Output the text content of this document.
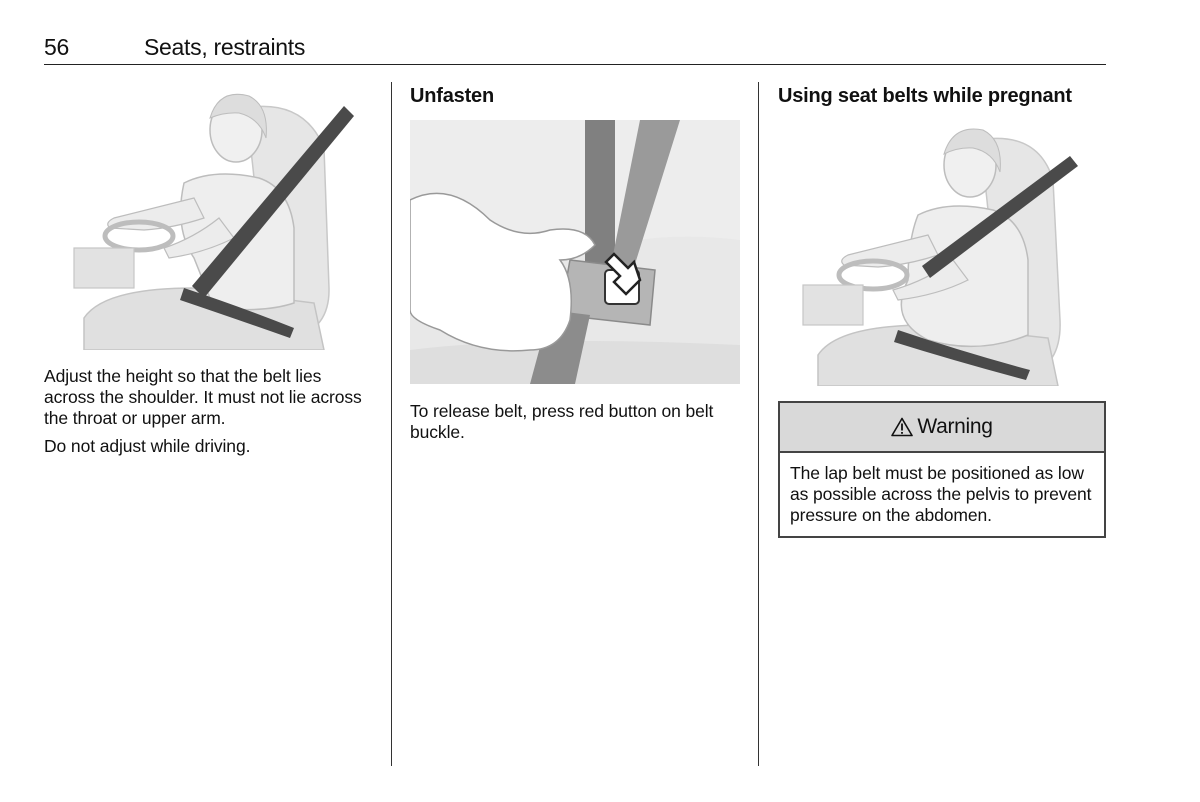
56	Seats, restraints

Adjust the height so that the belt lies across the shoulder. It must not lie across the throat or upper arm.

Do not adjust while driving.

Unfasten

To release belt, press red button on belt buckle.

Using seat belts while pregnant
Warning

The lap belt must be positioned as low as possible across the pelvis to prevent pressure on the abdomen.
